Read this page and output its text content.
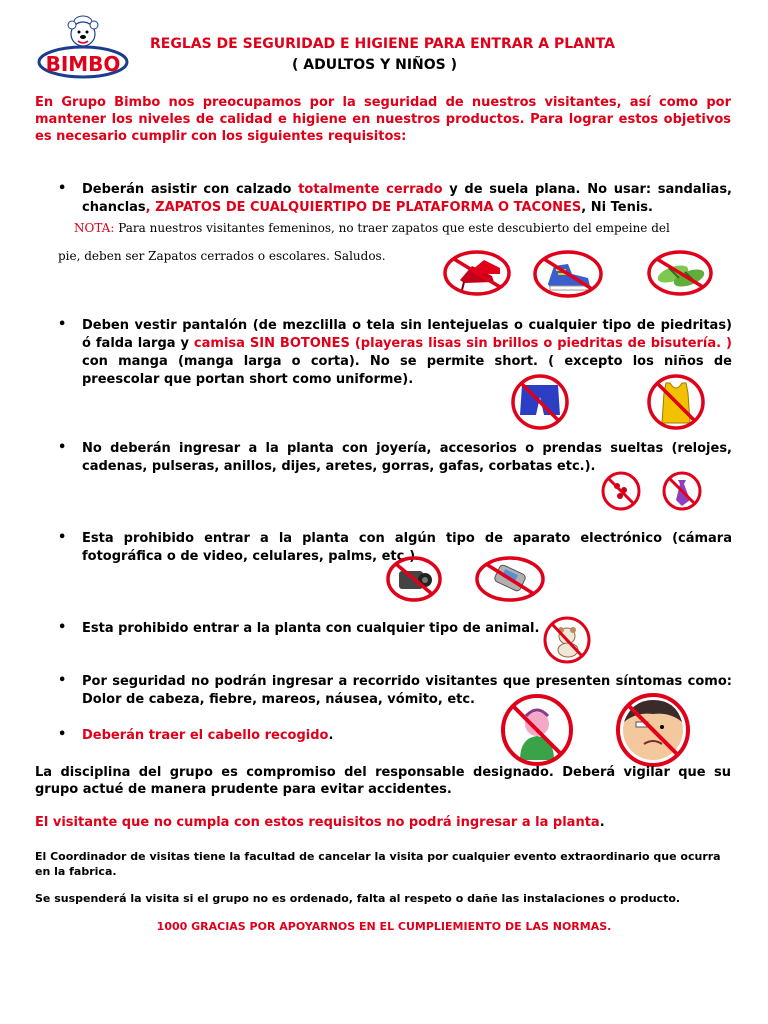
BIMBO
REGLAS DE SEGURIDAD E HIGIENE PARA ENTRAR A PLANTA
( ADULTOS Y NIÑOS )
En Grupo Bimbo nos preocupamos por la seguridad de nuestros visitantes, así como por mantener los niveles de calidad e higiene en nuestros productos. Para lograr estos objetivos es necesario cumplir con los siguientes requisitos:
• Deberán asistir con calzado totalmente cerrado y de suela plana. No usar: sandalias, chanclas, ZAPATOS DE CUALQUIERTIPO DE PLATAFORMA O TACONES, Ni Tenis.
NOTA: Para nuestros visitantes femeninos, no traer zapatos que este descubierto del empeine del
pie, deben ser Zapatos cerrados o escolares. Saludos.
• Deben vestir pantalón (de mezclilla o tela sin lentejuelas o cualquier tipo de piedritas) ó falda larga y camisa SIN BOTONES (playeras lisas sin brillos o piedritas de bisutería. ) con manga (manga larga o corta). No se permite short. ( excepto los niños de preescolar que portan short como uniforme).
• No deberán ingresar a la planta con joyería, accesorios o prendas sueltas (relojes, cadenas, pulseras, anillos, dijes, aretes, gorras, gafas, corbatas etc.).
• Esta prohibido entrar a la planta con algún tipo de aparato electrónico (cámara fotográfica o de video, celulares, palms, etc.).
• Esta prohibido entrar a la planta con cualquier tipo de animal.
• Por seguridad no podrán ingresar a recorrido visitantes que presenten síntomas como: Dolor de cabeza, fiebre, mareos, náusea, vómito, etc.
• Deberán traer el cabello recogido.
La disciplina del grupo es compromiso del responsable designado. Deberá vigilar que su grupo actué de manera prudente para evitar accidentes.
El visitante que no cumpla con estos requisitos no podrá ingresar a la planta.
El Coordinador de visitas tiene la facultad de cancelar la visita por cualquier evento extraordinario que ocurra en la fabrica.
Se suspenderá la visita si el grupo no es ordenado, falta al respeto o dañe las instalaciones o producto.
1000 GRACIAS POR APOYARNOS EN EL CUMPLIEMIENTO DE LAS NORMAS.
